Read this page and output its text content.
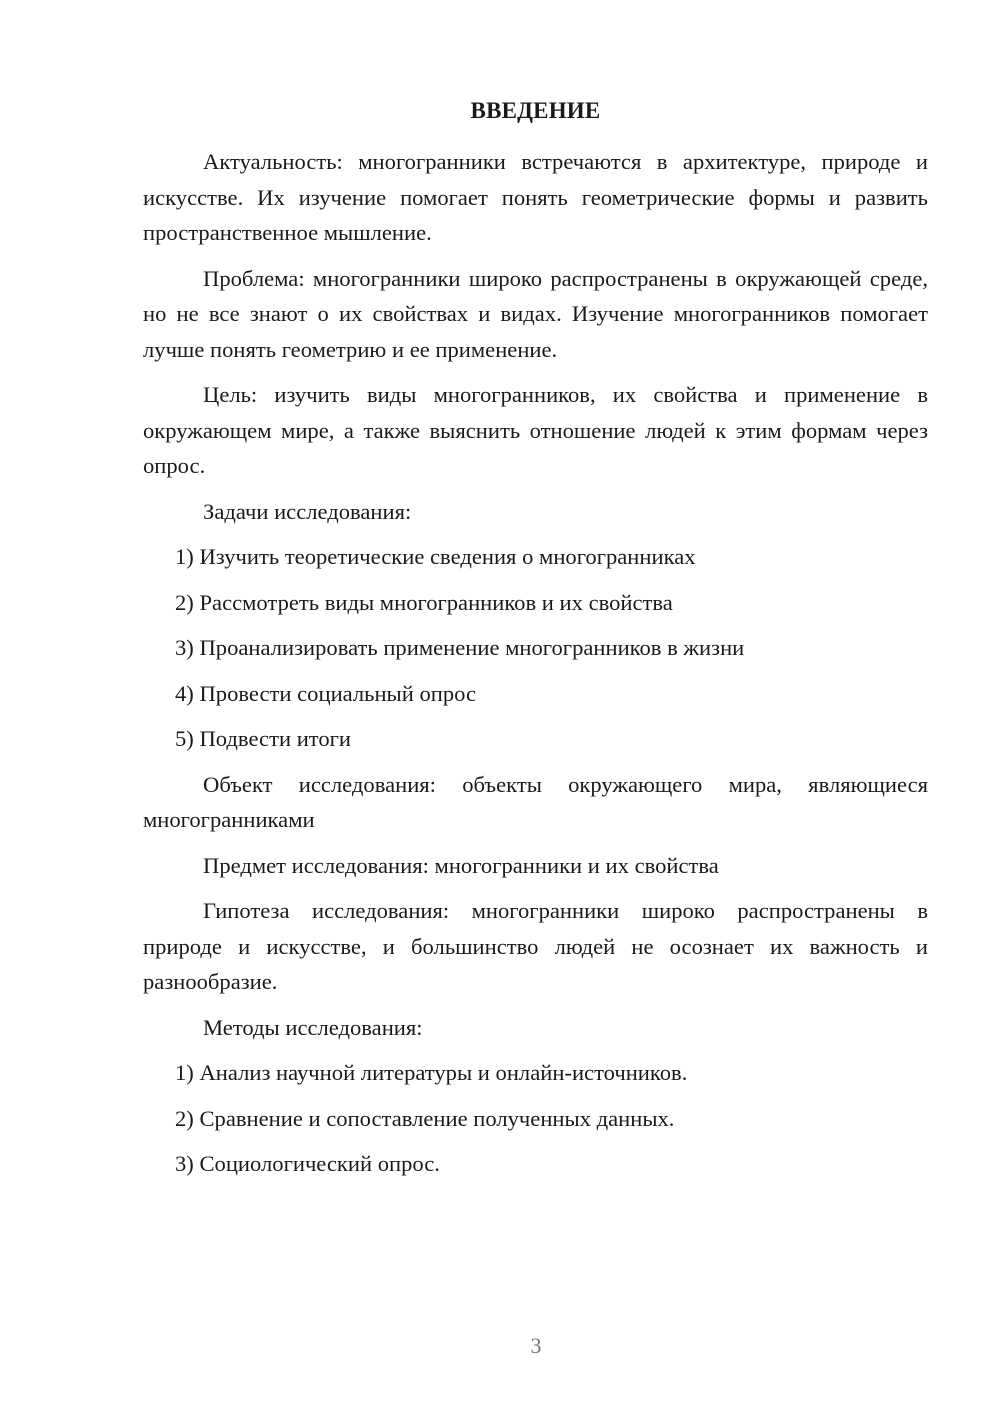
ВВЕДЕНИЕ

Актуальность: многогранники встречаются в архитектуре, природе и искусстве. Их изучение помогает понять геометрические формы и развить пространственное мышление.

Проблема: многогранники широко распространены в окружающей среде, но не все знают о их свойствах и видах. Изучение многогранников помогает лучше понять геометрию и ее применение.

Цель: изучить виды многогранников, их свойства и применение в окружающем мире, а также выяснить отношение людей к этим формам через опрос.

Задачи исследования:

1) Изучить теоретические сведения о многогранниках

2) Рассмотреть виды многогранников и их свойства

3) Проанализировать применение многогранников в жизни

4) Провести социальный опрос

5) Подвести итоги

Объект исследования: объекты окружающего мира, являющиеся многогранниками

Предмет исследования: многогранники и их свойства

Гипотеза исследования: многогранники широко распространены в природе и искусстве, и большинство людей не осознает их важность и разнообразие.

Методы исследования:

1) Анализ научной литературы и онлайн-источников.

2) Сравнение и сопоставление полученных данных.

3) Социологический опрос.

3
